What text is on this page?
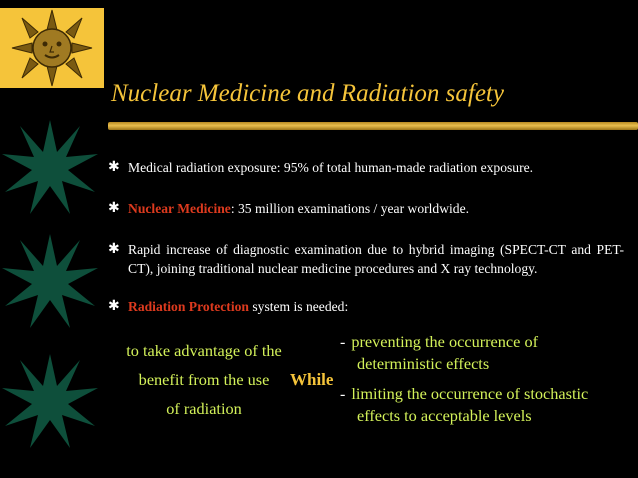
Nuclear Medicine and Radiation safety
✱ Medical radiation exposure: 95% of total human-made radiation exposure.
✱ Nuclear Medicine: 35 million examinations / year worldwide.
✱ Rapid increase of diagnostic examination due to hybrid imaging (SPECT-CT and PET-CT), joining traditional nuclear medicine procedures and X ray technology.
✱ Radiation Protection system is needed:
to take advantage of the
benefit from the use
of radiation
While
- preventing the occurrence of
deterministic effects
- limiting the occurrence of stochastic
effects to acceptable levels
